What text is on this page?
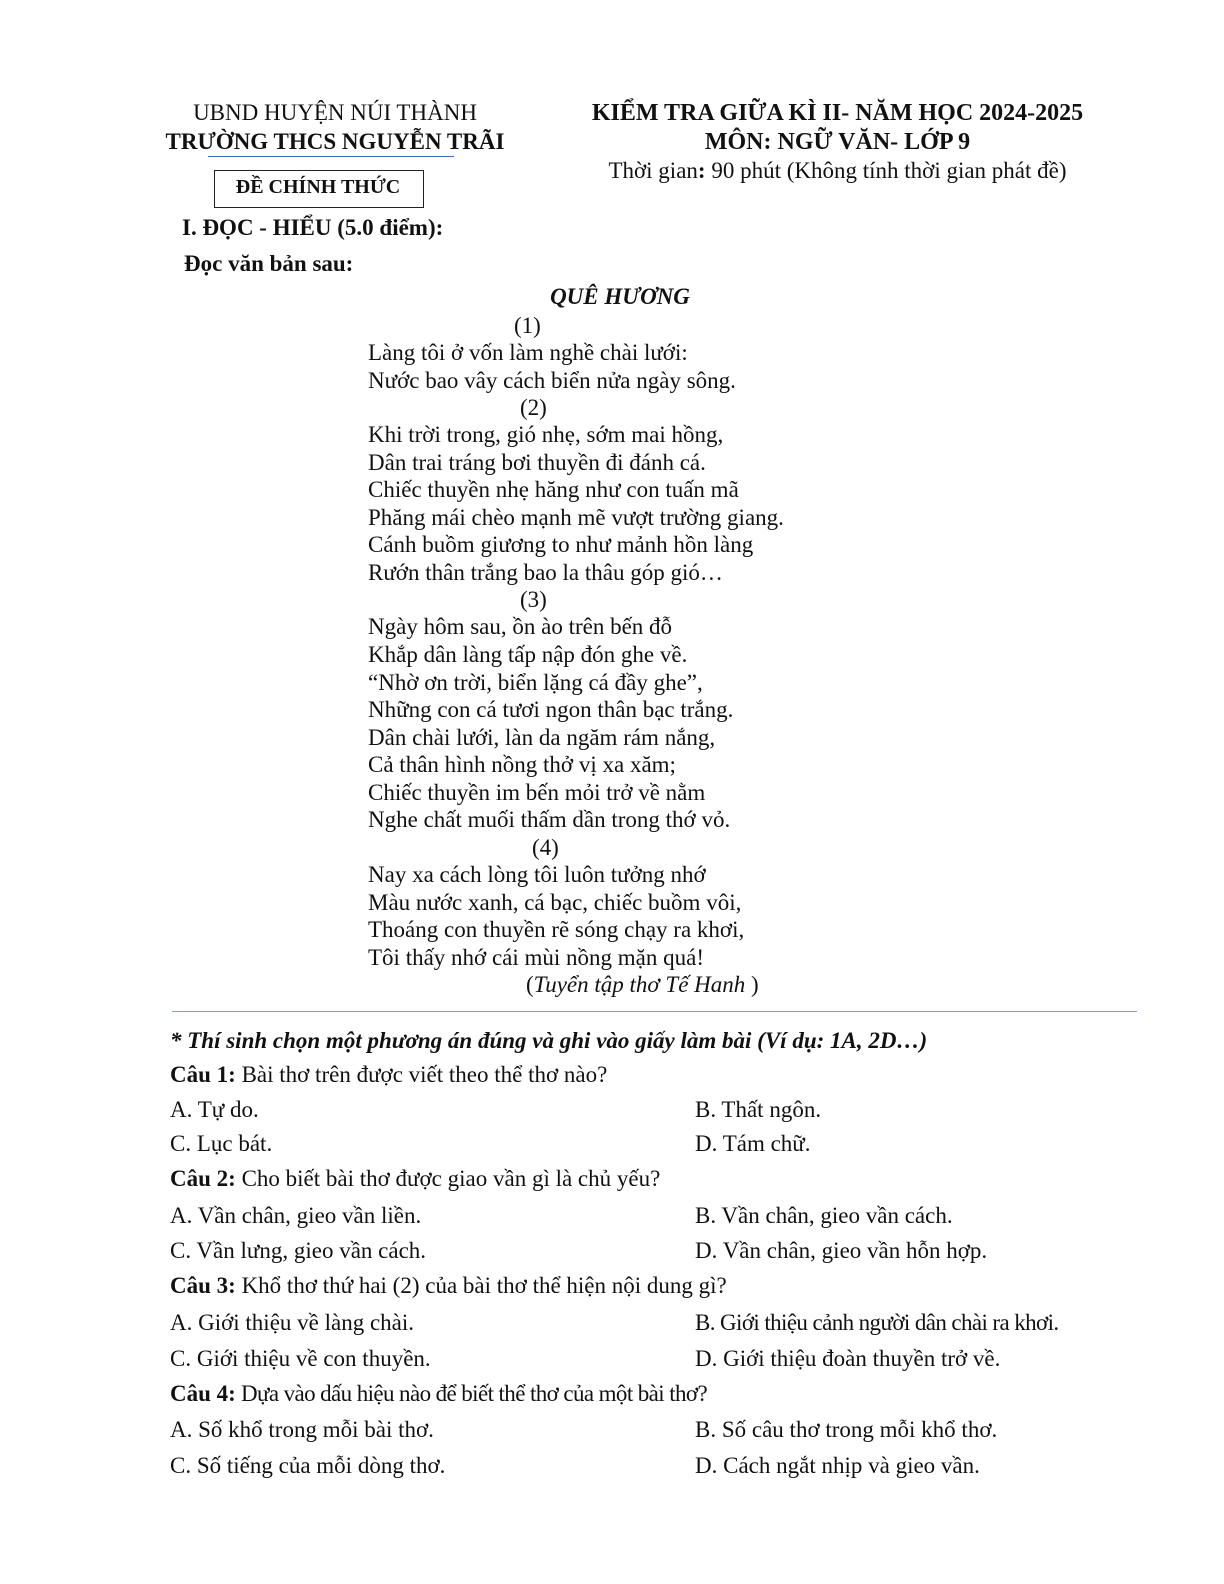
UBND HUYỆN NÚI THÀNH
TRƯỜNG THCS NGUYỄN TRÃI
ĐỀ CHÍNH THỨC
KIỂM TRA GIỮA KÌ II- NĂM HỌC 2024-2025
MÔN: NGỮ VĂN- LỚP 9
Thời gian: 90 phút (Không tính thời gian phát đề)
I. ĐỌC - HIỂU (5.0 điểm):
Đọc văn bản sau:
QUÊ HƯƠNG
(1)
Làng tôi ở vốn làm nghề chài lưới:
Nước bao vây cách biển nửa ngày sông.
(2)
Khi trời trong, gió nhẹ, sớm mai hồng,
Dân trai tráng bơi thuyền đi đánh cá.
Chiếc thuyền nhẹ hăng như con tuấn mã
Phăng mái chèo mạnh mẽ vượt trường giang.
Cánh buồm giương to như mảnh hồn làng
Rướn thân trắng bao la thâu góp gió…
(3)
Ngày hôm sau, ồn ào trên bến đỗ
Khắp dân làng tấp nập đón ghe về.
“Nhờ ơn trời, biển lặng cá đầy ghe”,
Những con cá tươi ngon thân bạc trắng.
Dân chài lưới, làn da ngăm rám nắng,
Cả thân hình nồng thở vị xa xăm;
Chiếc thuyền im bến mỏi trở về nằm
Nghe chất muối thấm dần trong thớ vỏ.
(4)
Nay xa cách lòng tôi luôn tưởng nhớ
Màu nước xanh, cá bạc, chiếc buồm vôi,
Thoáng con thuyền rẽ sóng chạy ra khơi,
Tôi thấy nhớ cái mùi nồng mặn quá!
(Tuyển tập thơ Tế Hanh )
* Thí sinh chọn một phương án đúng và ghi vào giấy làm bài (Ví dụ: 1A, 2D…)
Câu 1: Bài thơ trên được viết theo thể thơ nào?
A. Tự do.	B. Thất ngôn.
C. Lục bát.	D. Tám chữ.
Câu 2: Cho biết bài thơ được giao vần gì là chủ yếu?
A. Vần chân, gieo vần liền.	B. Vần chân, gieo vần cách.
C. Vần lưng, gieo vần cách.	D. Vần chân, gieo vần hỗn hợp.
Câu 3: Khổ thơ thứ hai (2) của bài thơ thể hiện nội dung gì?
A. Giới thiệu về làng chài.	B. Giới thiệu cảnh người dân chài ra khơi.
C. Giới thiệu về con thuyền.	D. Giới thiệu đoàn thuyền trở về.
Câu 4: Dựa vào dấu hiệu nào để biết thể thơ của một bài thơ?
A. Số khổ trong mỗi bài thơ.	B. Số câu thơ trong mỗi khổ thơ.
C. Số tiếng của mỗi dòng thơ.	D. Cách ngắt nhịp và gieo vần.
